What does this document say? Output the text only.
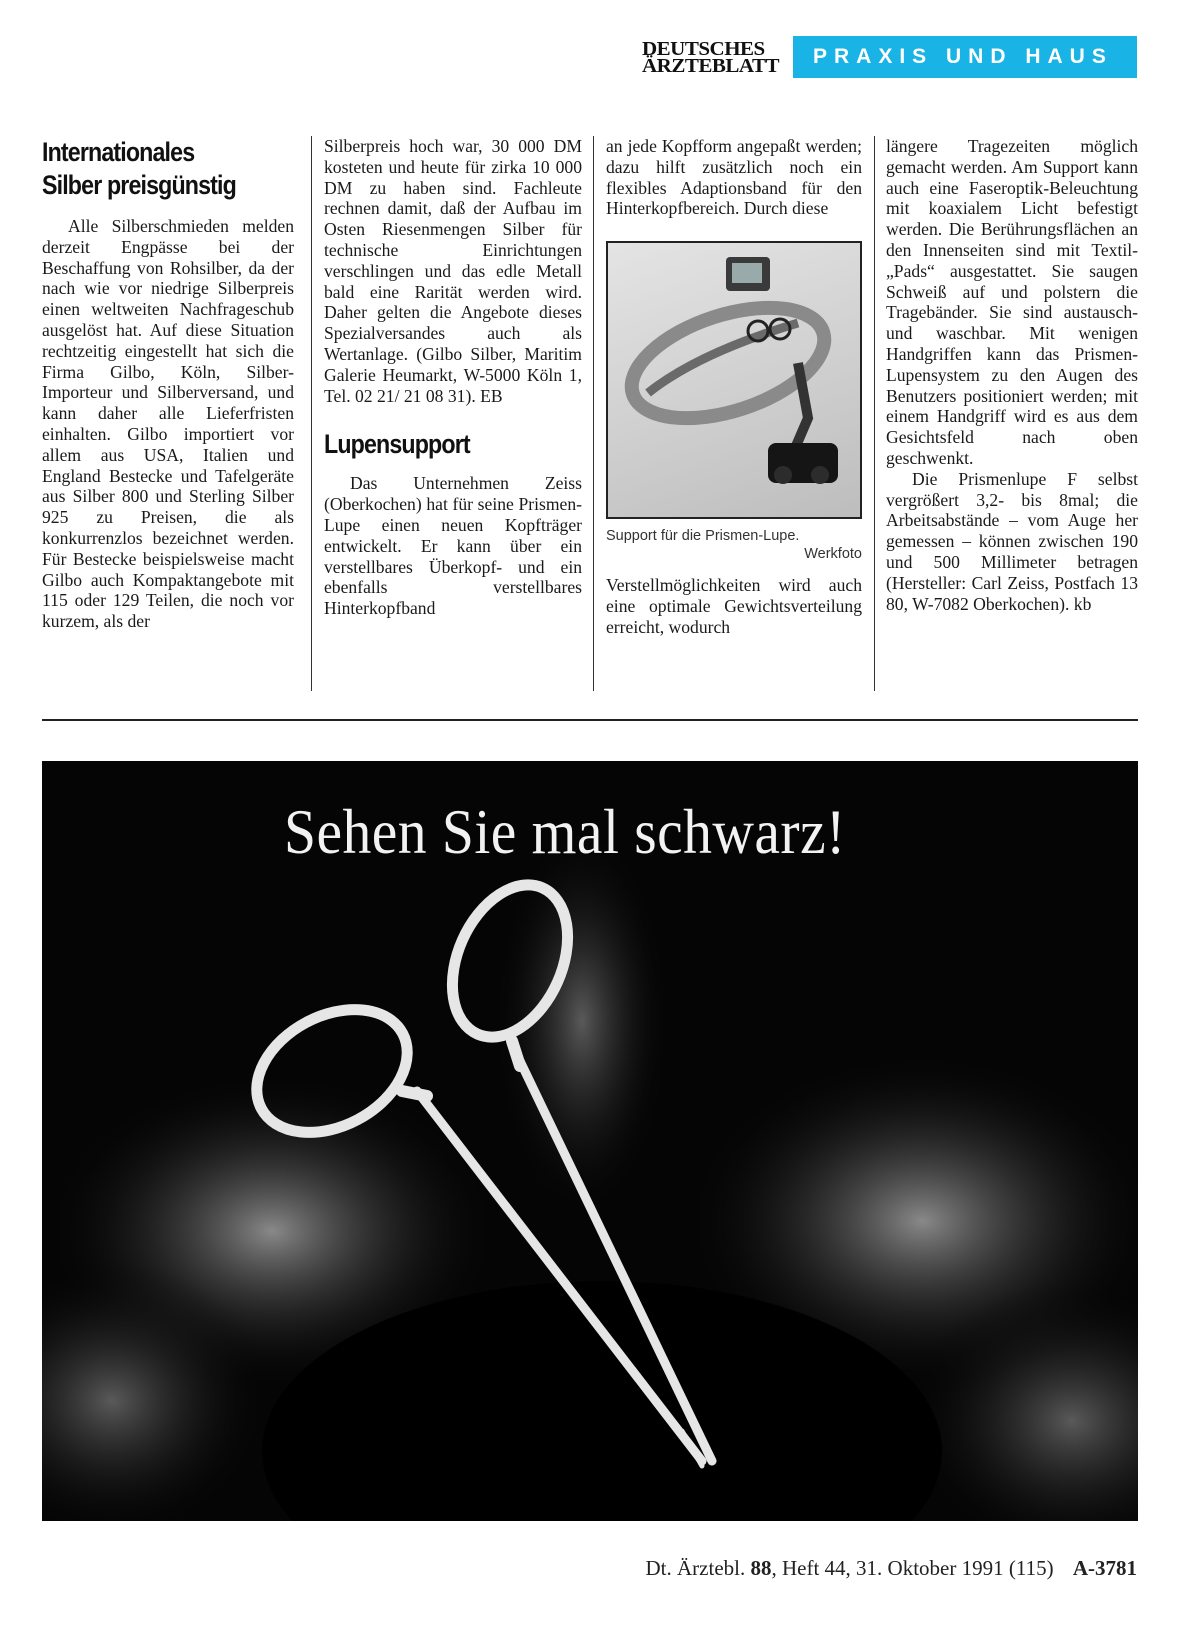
DEUTSCHES
ÄRZTEBLATT	PRAXIS UND HAUS
Internationales
Silber preisgünstig

Alle Silberschmieden melden derzeit Engpässe bei der Beschaffung von Rohsilber, da der nach wie vor niedrige Silberpreis einen weltweiten Nachfrageschub ausgelöst hat. Auf diese Situation rechtzeitig eingestellt hat sich die Firma Gilbo, Köln, Silber-Importeur und Silberversand, und kann daher alle Lieferfristen einhalten. Gilbo importiert vor allem aus USA, Italien und England Bestecke und Tafelgeräte aus Silber 800 und Sterling Silber 925 zu Preisen, die als konkurrenzlos bezeichnet werden. Für Bestecke beispielsweise macht Gilbo auch Kompaktangebote mit 115 oder 129 Teilen, die noch vor kurzem, als der

Silberpreis hoch war, 30 000 DM kosteten und heute für zirka 10 000 DM zu haben sind. Fachleute rechnen damit, daß der Aufbau im Osten Riesenmengen Silber für technische Einrichtungen verschlingen und das edle Metall bald eine Rarität werden wird. Daher gelten die Angebote dieses Spezialversandes auch als Wertanlage. (Gilbo Silber, Maritim Galerie Heumarkt, W-5000 Köln 1, Tel. 02 21/ 21 08 31). EB

Lupensupport

Das Unternehmen Zeiss (Oberkochen) hat für seine Prismen-Lupe einen neuen Kopfträger entwickelt. Er kann über ein verstellbares Überkopf- und ein ebenfalls verstellbares Hinterkopfband

an jede Kopfform angepaßt werden; dazu hilft zusätzlich noch ein flexibles Adaptionsband für den Hinterkopfbereich. Durch diese

Support für die Prismen-Lupe.
Werkfoto

Verstellmöglichkeiten wird auch eine optimale Gewichtsverteilung erreicht, wodurch

längere Tragezeiten möglich gemacht werden. Am Support kann auch eine Faseroptik-Beleuchtung mit koaxialem Licht befestigt werden. Die Berührungsflächen an den Innenseiten sind mit Textil-„Pads“ ausgestattet. Sie saugen Schweiß auf und polstern die Tragebänder. Sie sind austausch- und waschbar. Mit wenigen Handgriffen kann das Prismen-Lupensystem zu den Augen des Benutzers positioniert werden; mit einem Handgriff wird es aus dem Gesichtsfeld nach oben geschwenkt.

Die Prismenlupe F selbst vergrößert 3,2- bis 8mal; die Arbeitsabstände – vom Auge her gemessen – können zwischen 190 und 500 Millimeter betragen (Hersteller: Carl Zeiss, Postfach 13 80, W-7082 Oberkochen). kb

Sehen Sie mal schwarz!
Dt. Ärztebl. 88, Heft 44, 31. Oktober 1991 (115) A-3781
